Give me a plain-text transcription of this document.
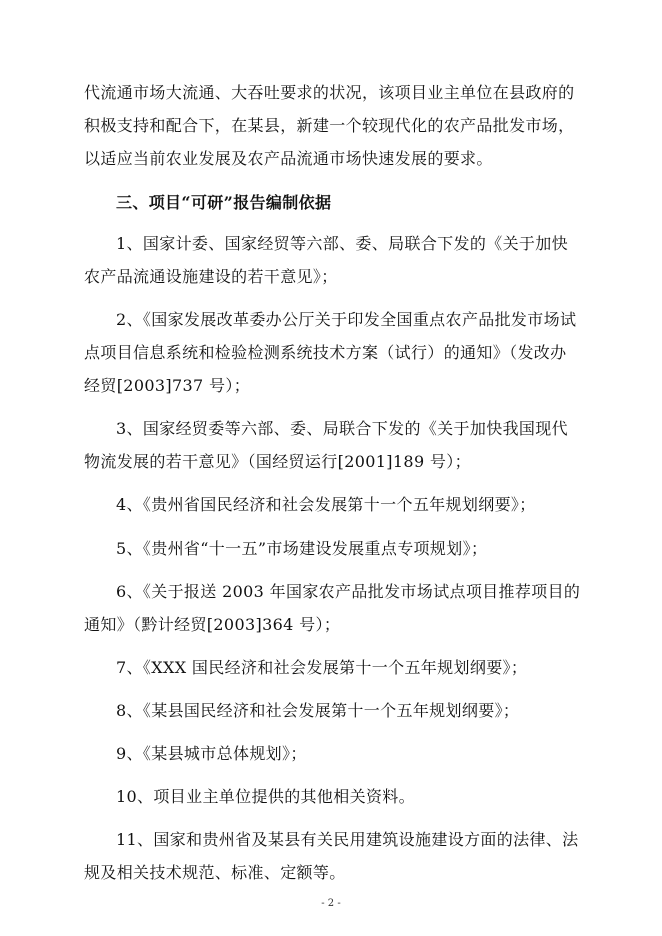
代流通市场大流通、大吞吐要求的状况，该项目业主单位在县政府的
积极支持和配合下，在某县，新建一个较现代化的农产品批发市场，
以适应当前农业发展及农产品流通市场快速发展的要求。
三、项目“可研”报告编制依据
1、国家计委、国家经贸等六部、委、局联合下发的《关于加快
农产品流通设施建设的若干意见》；
2、《国家发展改革委办公厅关于印发全国重点农产品批发市场试
点项目信息系统和检验检测系统技术方案（试行）的通知》（发改办
经贸[2003]737 号）；
3、国家经贸委等六部、委、局联合下发的《关于加快我国现代
物流发展的若干意见》（国经贸运行[2001]189 号）；
4、《贵州省国民经济和社会发展第十一个五年规划纲要》；
5、《贵州省“十一五”市场建设发展重点专项规划》；
6、《关于报送 2003 年国家农产品批发市场试点项目推荐项目的
通知》（黔计经贸[2003]364 号）；
7、《XXX 国民经济和社会发展第十一个五年规划纲要》；
8、《某县国民经济和社会发展第十一个五年规划纲要》；
9、《某县城市总体规划》；
10、项目业主单位提供的其他相关资料。
11、国家和贵州省及某县有关民用建筑设施建设方面的法律、法
规及相关技术规范、标准、定额等。
- 2 -
